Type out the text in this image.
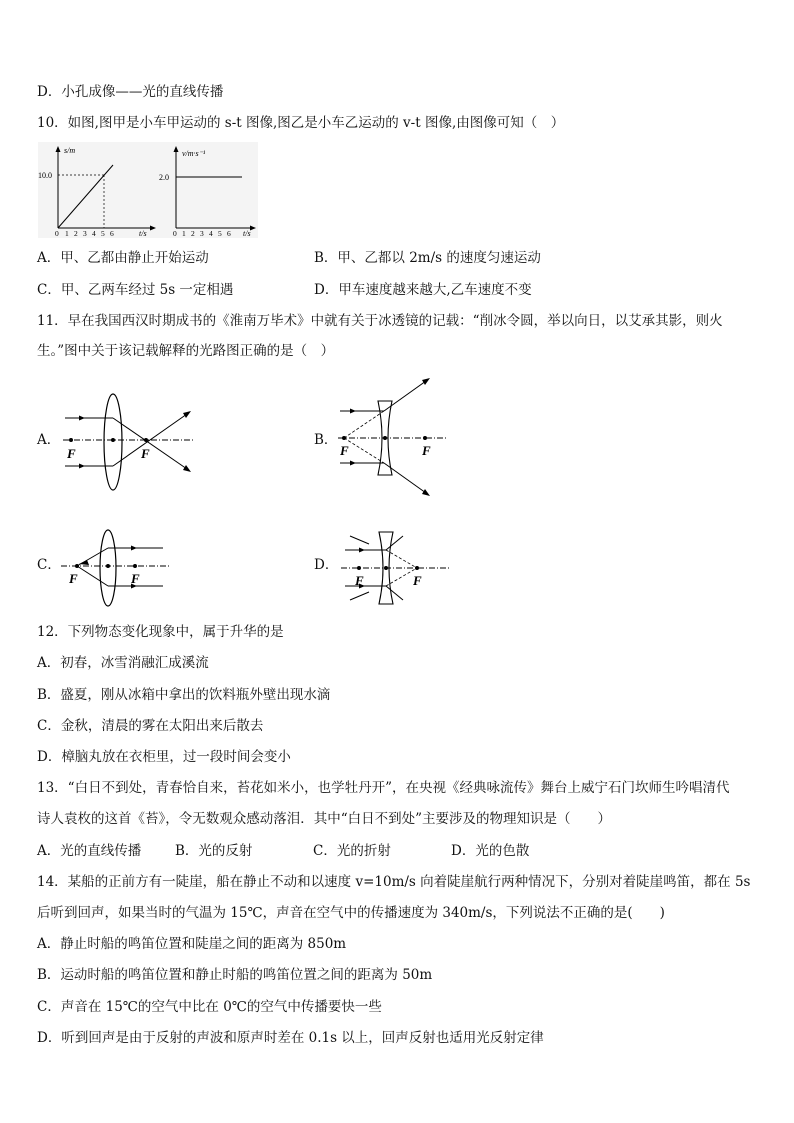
D．小孔成像——光的直线传播
10．如图,图甲是小车甲运动的 s-t 图像,图乙是小车乙运动的 v-t 图像,由图像可知（　）
s/m
10.0
0 1 2 3 4 5 6	t/s
v/m·s⁻¹
2.0
0 1 2 3 4 5 6 t/s
A．甲、乙都由静止开始运动	B．甲、乙都以 2m/s 的速度匀速运动
C．甲、乙两车经过 5s 一定相遇	D．甲车速度越来越大,乙车速度不变
11．早在我国西汉时期成书的《淮南万毕术》中就有关于冰透镜的记载：“削冰令圆，举以向日，以艾承其影，则火
生。”图中关于该记载解释的光路图正确的是（　）
A．
F	F
B．
F	F
C．
F	F
D．
F	F
12．下列物态变化现象中，属于升华的是
A．初春，冰雪消融汇成溪流
B．盛夏，刚从冰箱中拿出的饮料瓶外壁出现水滴
C．金秋，清晨的雾在太阳出来后散去
D．樟脑丸放在衣柜里，过一段时间会变小
13．“白日不到处，青春恰自来，苔花如米小，也学牡丹开”，在央视《经典咏流传》舞台上威宁石门坎师生吟唱清代
诗人袁枚的这首《苔》，令无数观众感动落泪．其中“白日不到处”主要涉及的物理知识是（　　）
A．光的直线传播	B．光的反射	C．光的折射	D．光的色散
14．某船的正前方有一陡崖，船在静止不动和以速度 v=10m/s 向着陡崖航行两种情况下，分别对着陡崖鸣笛，都在 5s
后听到回声，如果当时的气温为 15℃，声音在空气中的传播速度为 340m/s，下列说法不正确的是(　　)
A．静止时船的鸣笛位置和陡崖之间的距离为 850m
B．运动时船的鸣笛位置和静止时船的鸣笛位置之间的距离为 50m
C．声音在 15℃的空气中比在 0℃的空气中传播要快一些
D．听到回声是由于反射的声波和原声时差在 0.1s 以上，回声反射也适用光反射定律
